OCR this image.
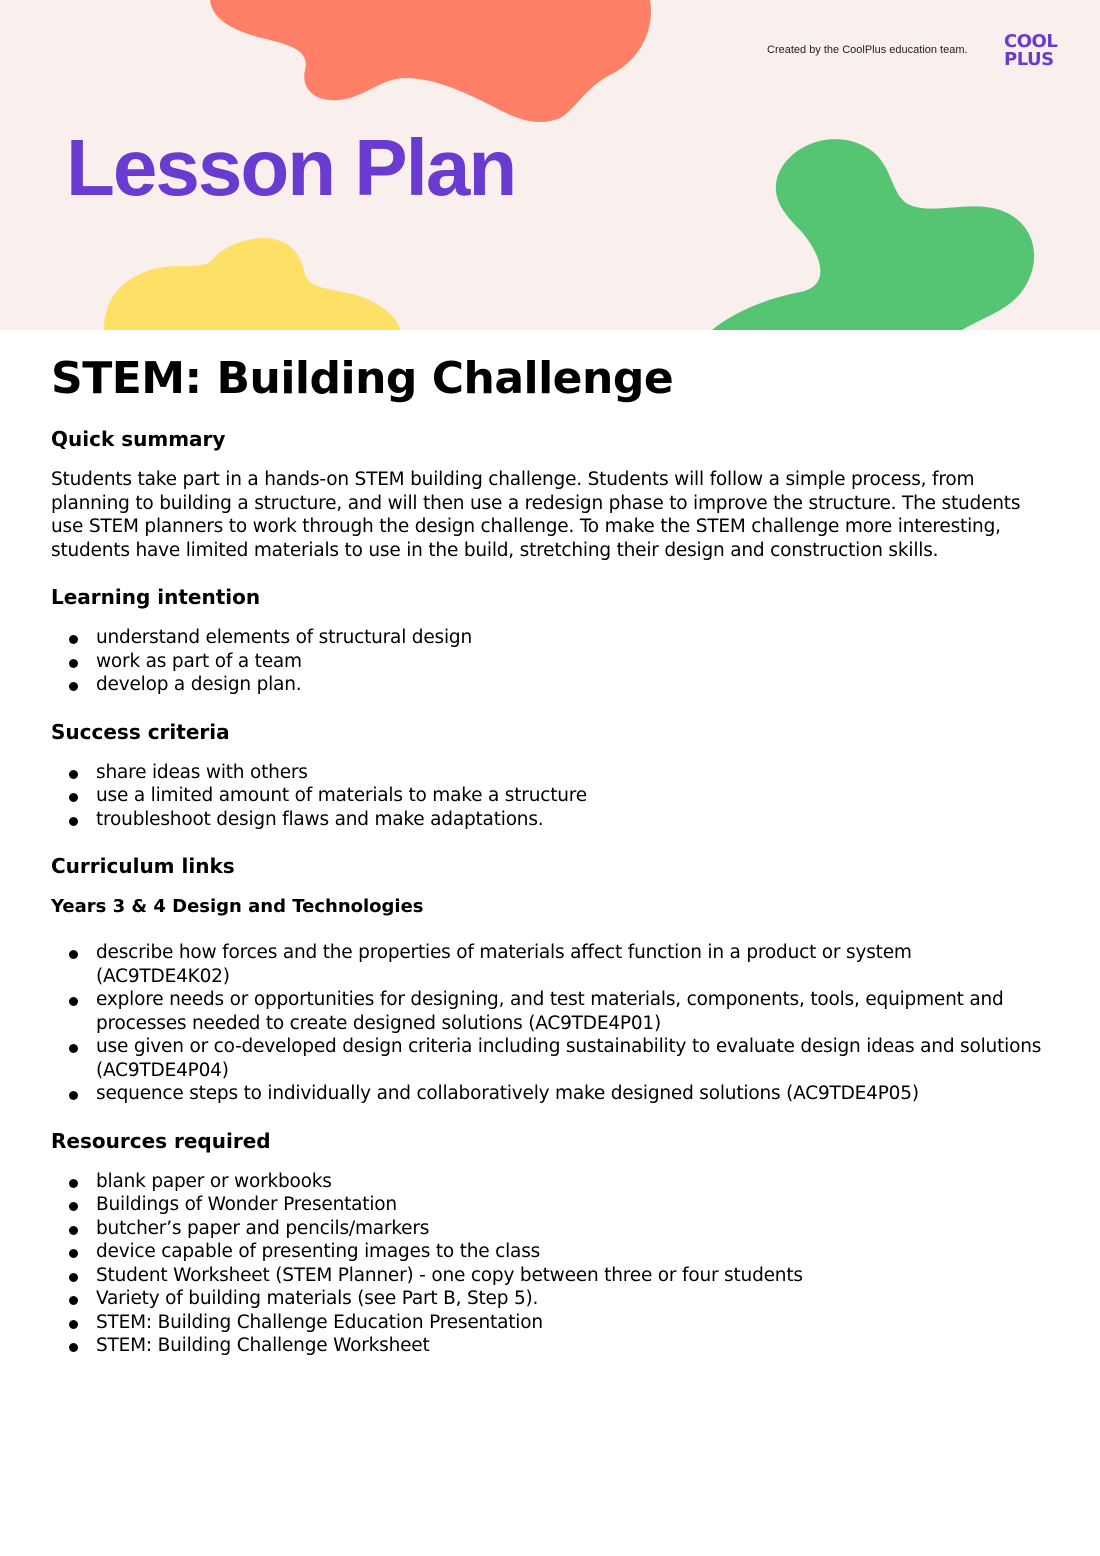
Created by the CoolPlus education team. COOL
PLUS
Lesson Plan
STEM: Building Challenge
Quick summary

Students take part in a hands-on STEM building challenge. Students will follow a simple process, from planning to building a structure, and will then use a redesign phase to improve the structure. The students use STEM planners to work through the design challenge. To make the STEM challenge more interesting, students have limited materials to use in the build, stretching their design and construction skills.

Learning intention
understand elements of structural design
work as part of a team
develop a design plan.
Success criteria
share ideas with others
use a limited amount of materials to make a structure
troubleshoot design flaws and make adaptations.
Curriculum links
Years 3 & 4 Design and Technologies
describe how forces and the properties of materials affect function in a product or system (AC9TDE4K02)
explore needs or opportunities for designing, and test materials, components, tools, equipment and processes needed to create designed solutions (AC9TDE4P01)
use given or co-developed design criteria including sustainability to evaluate design ideas and solutions (AC9TDE4P04)
sequence steps to individually and collaboratively make designed solutions (AC9TDE4P05)
Resources required
blank paper or workbooks
Buildings of Wonder Presentation
butcher’s paper and pencils/markers
device capable of presenting images to the class
Student Worksheet (STEM Planner) - one copy between three or four students
Variety of building materials (see Part B, Step 5).
STEM: Building Challenge Education Presentation
STEM: Building Challenge Worksheet
